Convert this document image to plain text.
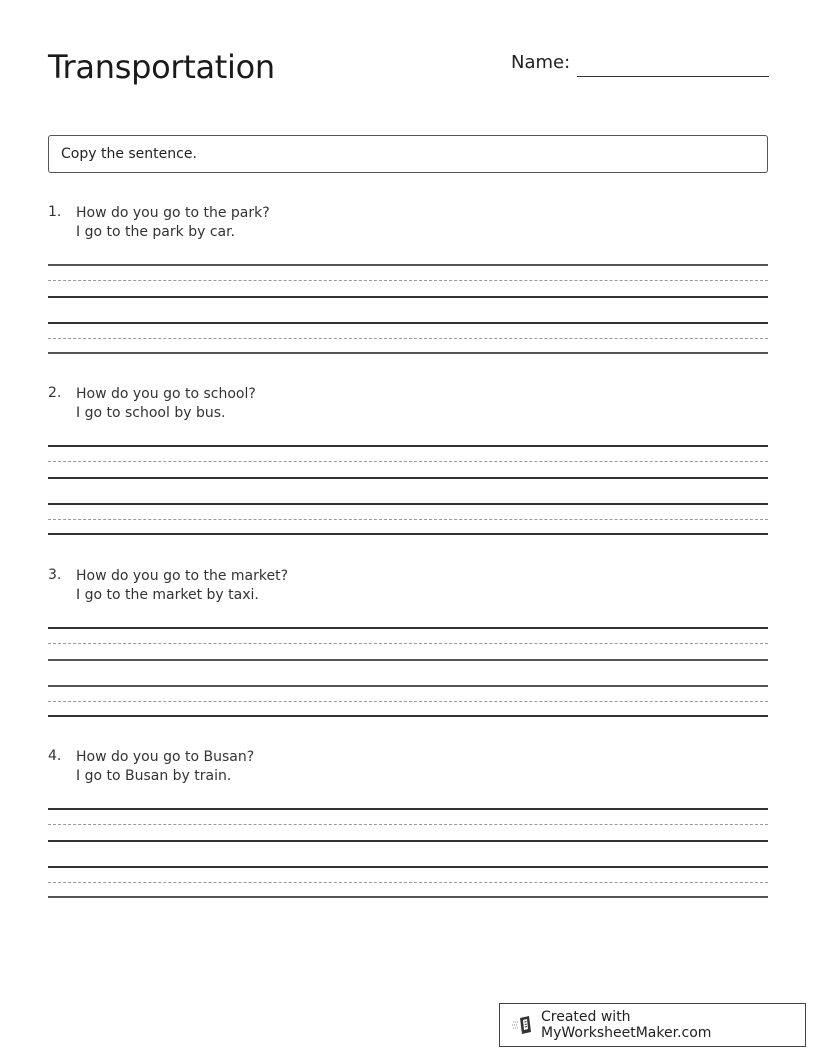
Transportation	Name:
Copy the sentence.
1. How do you go to the park?
I go to the park by car.
2. How do you go to school?
I go to school by bus.
3. How do you go to the market?
I go to the market by taxi.
4. How do you go to Busan?
I go to Busan by train.
Created with MyWorksheetMaker.com
